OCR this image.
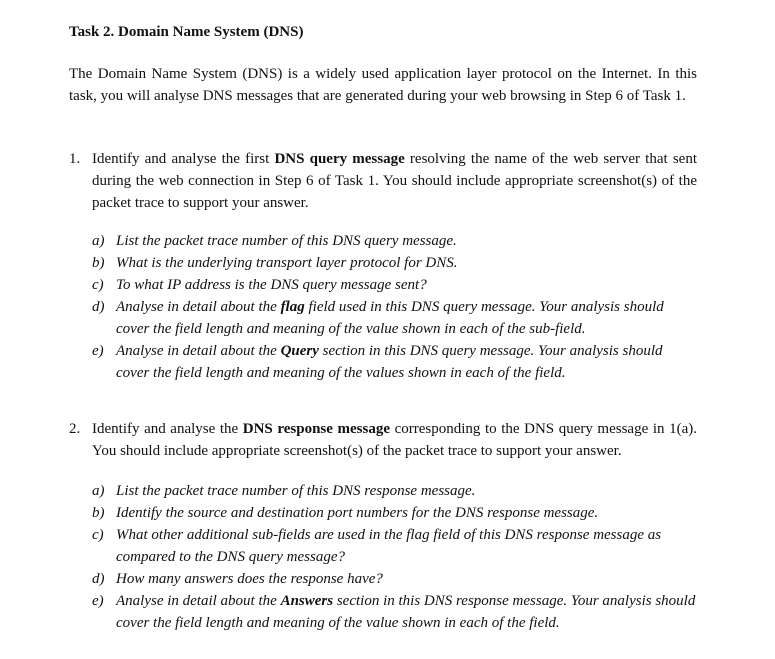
Task 2. Domain Name System (DNS)
The Domain Name System (DNS) is a widely used application layer protocol on the Internet. In this task, you will analyse DNS messages that are generated during your web browsing in Step 6 of Task 1.
1. Identify and analyse the first DNS query message resolving the name of the web server that sent during the web connection in Step 6 of Task 1. You should include appropriate screenshot(s) of the packet trace to support your answer.
a) List the packet trace number of this DNS query message.
b) What is the underlying transport layer protocol for DNS.
c) To what IP address is the DNS query message sent?
d) Analyse in detail about the flag field used in this DNS query message. Your analysis should cover the field length and meaning of the value shown in each of the sub-field.
e) Analyse in detail about the Query section in this DNS query message. Your analysis should cover the field length and meaning of the values shown in each of the field.
2. Identify and analyse the DNS response message corresponding to the DNS query message in 1(a). You should include appropriate screenshot(s) of the packet trace to support your answer.
a) List the packet trace number of this DNS response message.
b) Identify the source and destination port numbers for the DNS response message.
c) What other additional sub-fields are used in the flag field of this DNS response message as compared to the DNS query message?
d) How many answers does the response have?
e) Analyse in detail about the Answers section in this DNS response message. Your analysis should cover the field length and meaning of the value shown in each of the field.
